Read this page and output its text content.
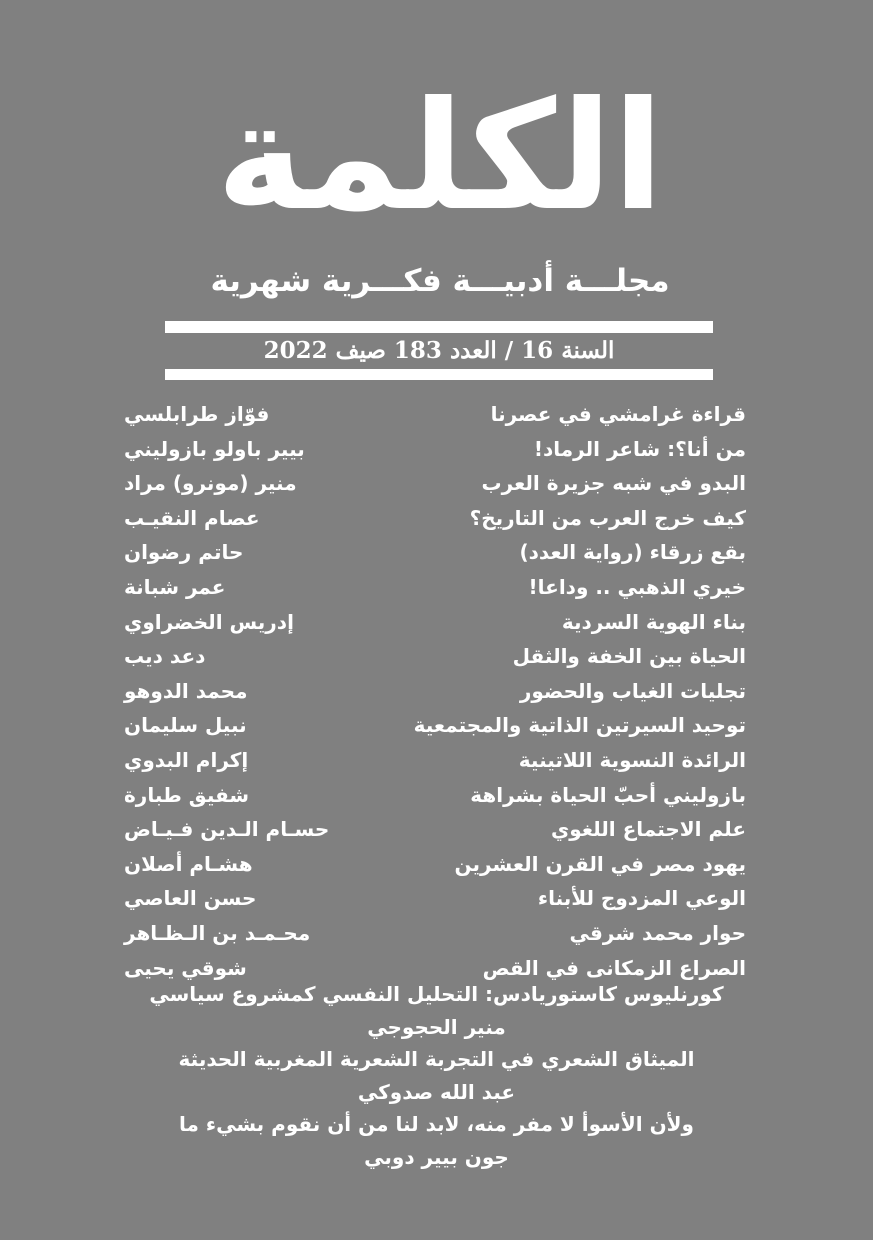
الكلمة
مجلـــة أدبيـــة فكـــرية شهرية
السنة 16 / العدد 183 صيف 2022
قراءة غرامشي في عصرنا
فوّاز طرابلسي
من أنا؟: شاعر الرماد!
بيير باولو بازوليني
البدو في شبه جزيرة العرب
منير (مونرو) مراد
كيف خرج العرب من التاريخ؟
عصام النقيـب
بقع زرقاء (رواية العدد)
حاتم رضوان
خيري الذهبي .. وداعا!
عمر شبانة
بناء الهوية السردية
إدريس الخضراوي
الحياة بين الخفة والثقل
دعد ديب
تجليات الغياب والحضور
محمد الدوهو
توحيد السيرتين الذاتية والمجتمعية
نبيل سليمان
الرائدة النسوية اللاتينية
إكرام البدوي
بازوليني أحبّ الحياة بشراهة
شفيق طبارة
علم الاجتماع اللغوي
حسـام الـدين فـيـاض
يهود مصر في القرن العشرين
هشـام أصلان
الوعي المزدوج للأبناء
حسن العاصي
حوار محمد شرقي
محـمـد بن الـظـاهر
الصراع الزمكانى في القص
شوقي يحيى
كورنليوس كاستوريادس: التحليل النفسي كمشروع سياسي
منير الحجوجي
الميثاق الشعري في التجربة الشعرية المغربية الحديثة
عبد الله صدوكي
ولأن الأسوأ لا مفر منه، لابد لنا من أن نقوم بشيء ما
جون بيير دوبي
